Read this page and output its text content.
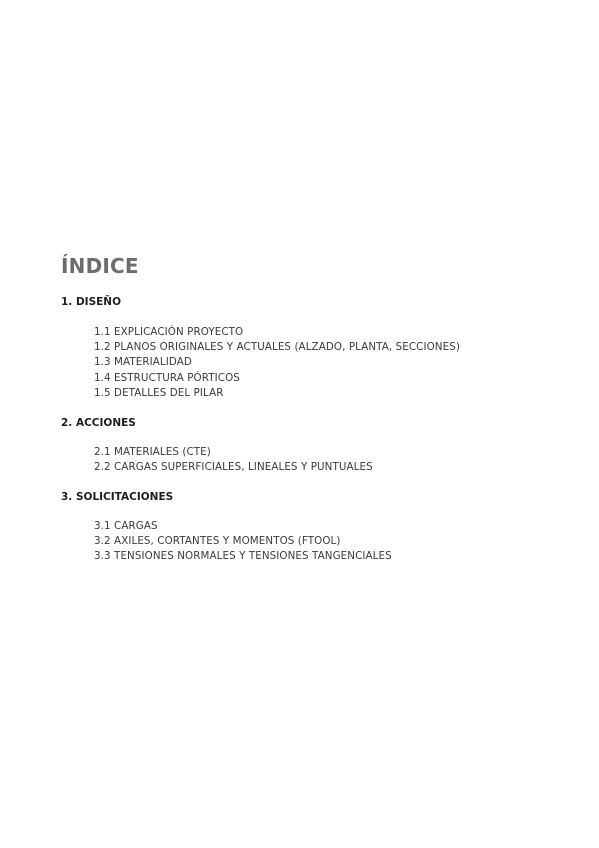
ÍNDICE

1. DISEÑO

1.1 EXPLICACIÓN PROYECTO
1.2 PLANOS ORIGINALES Y ACTUALES (ALZADO, PLANTA, SECCIONES)
1.3 MATERIALIDAD
1.4 ESTRUCTURA PÓRTICOS
1.5 DETALLES DEL PILAR

2. ACCIONES

2.1 MATERIALES (CTE)
2.2 CARGAS SUPERFICIALES, LINEALES Y PUNTUALES

3. SOLICITACIONES

3.1 CARGAS
3.2 AXILES, CORTANTES Y MOMENTOS (FTOOL)
3.3 TENSIONES NORMALES Y TENSIONES TANGENCIALES
